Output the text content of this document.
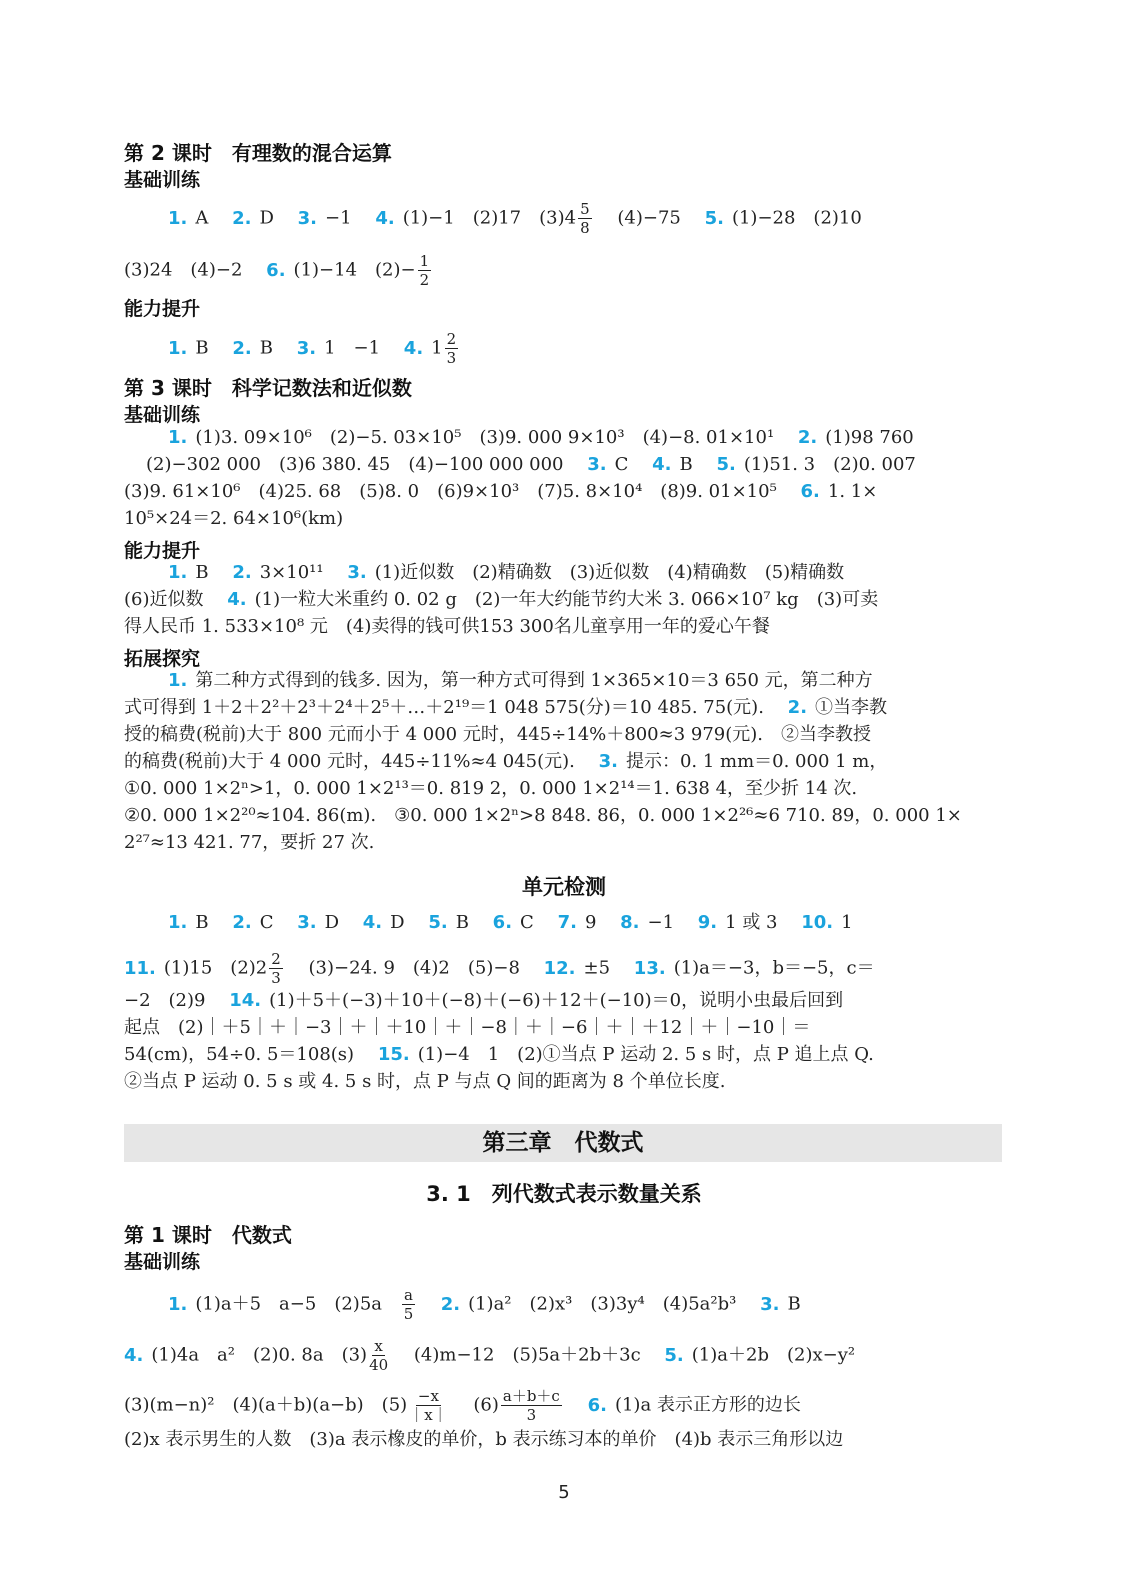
第 2 课时　有理数的混合运算
基础训练
1. A 2. D 3. −1 4. (1)−1　(2)17　$(3)4 \frac{5}{8} (4)-75$ 5. (1)−28　(2)10
(3)24　(4)−2 6. (1)−14　$(2)- \frac{1}{2}$
能力提升
1. B 2. B 3. 1　−1 4. $1 \frac{2}{3}$
第 3 课时　科学记数法和近似数
基础训练
1. (1)3. 09×10⁶　(2)−5. 03×10⁵　(3)9. 000 9×10³　(4)−8. 01×10¹ 2. (1)98 760
(2)−302 000　(3)6 380. 45　(4)−100 000 000 3. C 4. B 5. (1)51. 3　(2)0. 007
(3)9. 61×10⁶　(4)25. 68　(5)8. 0　(6)9×10³　(7)5. 8×10⁴　(8)9. 01×10⁵ 6. 1. 1×
10⁵×24＝2. 64×10⁶(km)
能力提升
1. B 2. 3×10¹¹ 3. (1)近似数　(2)精确数　(3)近似数　(4)精确数　(5)精确数
(6)近似数 4. (1)一粒大米重约 0. 02 g　(2)一年大约能节约大米 3. 066×10⁷ kg　(3)可卖
得人民币 1. 533×10⁸ 元　(4)卖得的钱可供153 300名儿童享用一年的爱心午餐
拓展探究
1. 第二种方式得到的钱多. 因为，第一种方式可得到 1×365×10＝3 650 元，第二种方
式可得到 1＋2＋2²＋2³＋2⁴＋2⁵＋…＋2¹⁹＝1 048 575(分)＝10 485. 75(元). 2. ①当李教
授的稿费(税前)大于 800 元而小于 4 000 元时，445÷14%＋800≈3 979(元).　②当李教授
的稿费(税前)大于 4 000 元时，445÷11%≈4 045(元). 3. 提示：0. 1 mm＝0. 000 1 m，
①0. 000 1×2ⁿ>1，0. 000 1×2¹³＝0. 819 2，0. 000 1×2¹⁴＝1. 638 4，至少折 14 次.
②0. 000 1×2²⁰≈104. 86(m).　③0. 000 1×2ⁿ>8 848. 86，0. 000 1×2²⁶≈6 710. 89，0. 000 1×
2²⁷≈13 421. 77，要折 27 次.
单元检测
1. B 2. C 3. D 4. D 5. B 6. C 7. 9 8. −1 9. 1 或 3 10. 1
11. (1)15　$(2)2 \frac{2}{3} (3)-24$. 9　(4)2　(5)−8 12. ±5 13. (1)a＝−3，b＝−5，c＝
−2　(2)9 14. (1)＋5＋(−3)＋10＋(−8)＋(−6)＋12＋(−10)＝0，说明小虫最后回到
起点　(2)｜＋5｜＋｜−3｜＋｜＋10｜＋｜−8｜＋｜−6｜＋｜＋12｜＋｜−10｜＝
54(cm)，54÷0. 5＝108(s) 15. (1)−4　1　(2)①当点 P 运动 2. 5 s 时，点 P 追上点 Q.
②当点 P 运动 0. 5 s 或 4. 5 s 时，点 P 与点 Q 间的距离为 8 个单位长度.
第三章　代数式
3. 1　列代数式表示数量关系
第 1 课时　代数式
基础训练
1. (1)a＋5　a−5　$(2)5a \frac{a}{5} 2$. (1)a²　(2)x³　(3)3y⁴　(4)5a²b³ 3. B
4. (1)4a　a²　(2)0. 8a　$(3) \frac{x}{40} (4)m-12$　(5)5a＋2b＋3c 5. (1)a＋2b　(2)x−y²
(3)(m−n)²　(4)(a＋b)(a−b)　$(5) \frac{-x}{|x|} (6) \frac{a+b+c}{3} 6$. (1)a 表示正方形的边长
(2)x 表示男生的人数　(3)a 表示橡皮的单价，b 表示练习本的单价　(4)b 表示三角形以边
5
